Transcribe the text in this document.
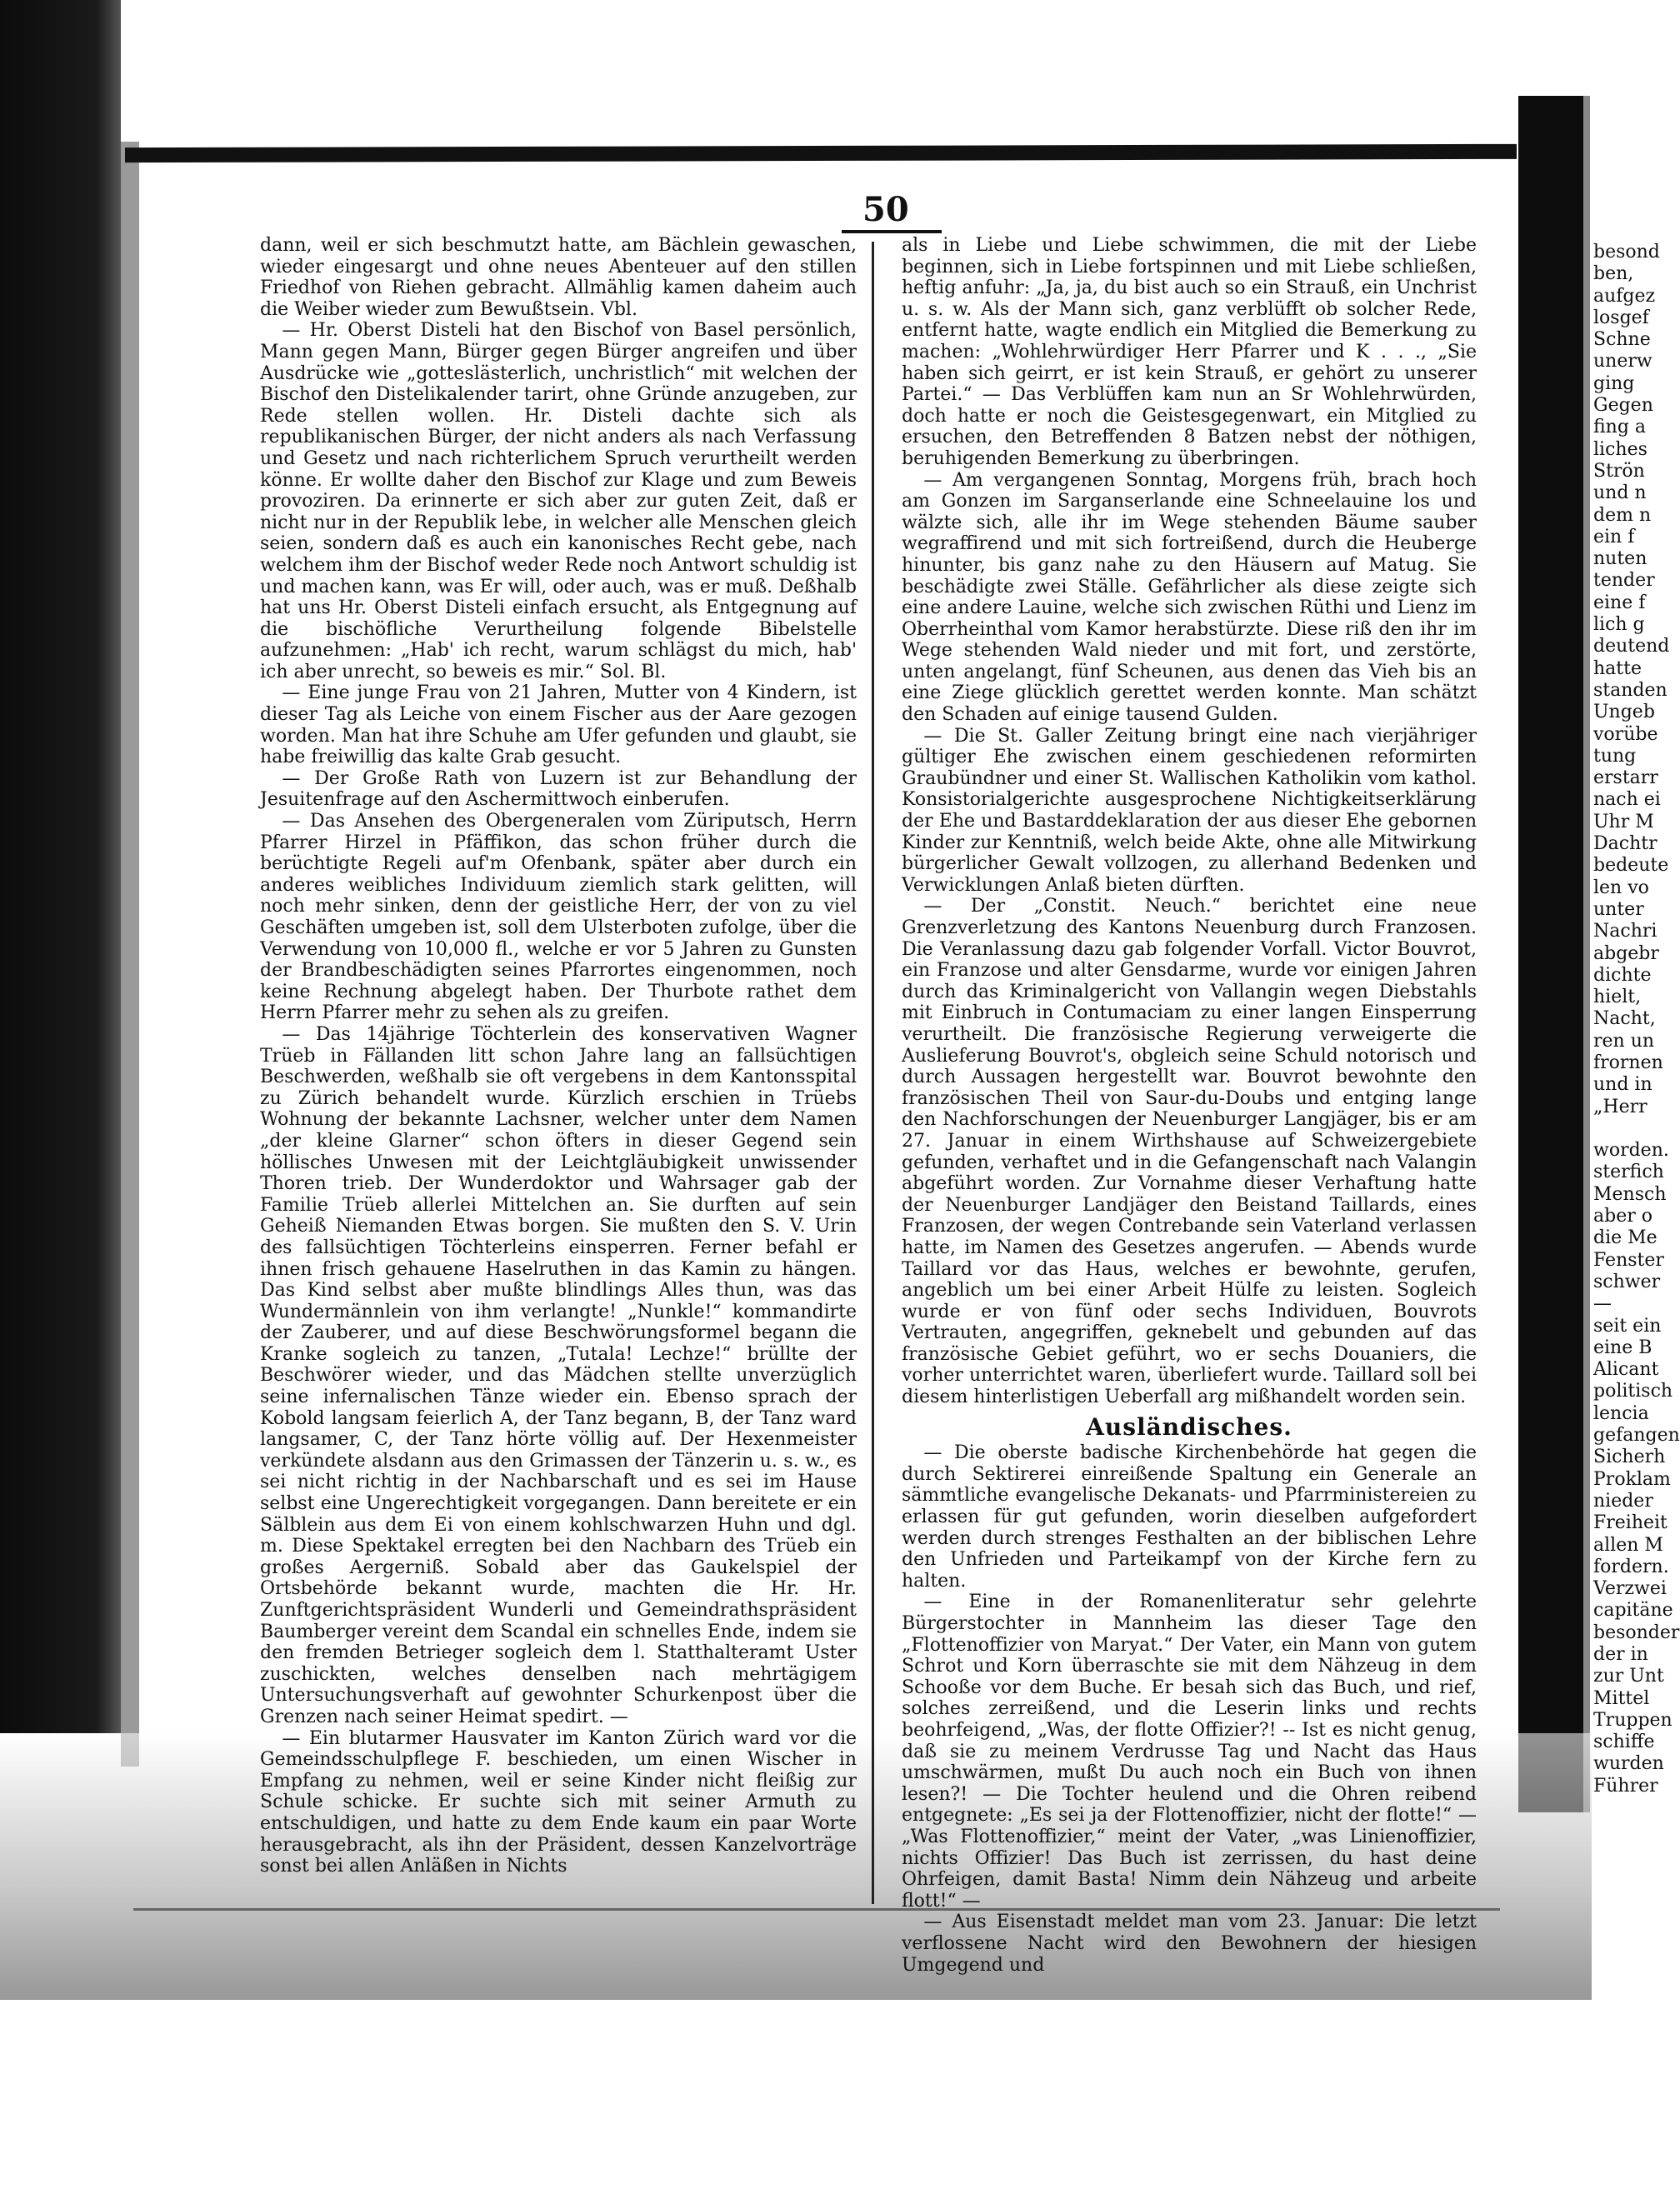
50

dann, weil er sich beschmutzt hatte, am Bächlein gewaschen, wieder eingesargt und ohne neues Abenteuer auf den stillen Friedhof von Riehen gebracht. Allmählig kamen daheim auch die Weiber wieder zum Bewußtsein. Vbl.

— Hr. Oberst Disteli hat den Bischof von Basel persönlich, Mann gegen Mann, Bürger gegen Bürger angreifen und über Ausdrücke wie „gotteslästerlich, unchristlich“ mit welchen der Bischof den Distelikalender tarirt, ohne Gründe anzugeben, zur Rede stellen wollen. Hr. Disteli dachte sich als republikanischen Bürger, der nicht anders als nach Verfassung und Gesetz und nach richterlichem Spruch verurtheilt werden könne. Er wollte daher den Bischof zur Klage und zum Beweis provoziren. Da erinnerte er sich aber zur guten Zeit, daß er nicht nur in der Republik lebe, in welcher alle Menschen gleich seien, sondern daß es auch ein kanonisches Recht gebe, nach welchem ihm der Bischof weder Rede noch Antwort schuldig ist und machen kann, was Er will, oder auch, was er muß. Deßhalb hat uns Hr. Oberst Disteli einfach ersucht, als Entgegnung auf die bischöfliche Verurtheilung folgende Bibelstelle aufzunehmen: „Hab' ich recht, warum schlägst du mich, hab' ich aber unrecht, so beweis es mir.“ Sol. Bl.

— Eine junge Frau von 21 Jahren, Mutter von 4 Kindern, ist dieser Tag als Leiche von einem Fischer aus der Aare gezogen worden. Man hat ihre Schuhe am Ufer gefunden und glaubt, sie habe freiwillig das kalte Grab gesucht.

— Der Große Rath von Luzern ist zur Behandlung der Jesuitenfrage auf den Aschermittwoch einberufen.

— Das Ansehen des Obergeneralen vom Züriputsch, Herrn Pfarrer Hirzel in Pfäffikon, das schon früher durch die berüchtigte Regeli auf'm Ofenbank, später aber durch ein anderes weibliches Individuum ziemlich stark gelitten, will noch mehr sinken, denn der geistliche Herr, der von zu viel Geschäften umgeben ist, soll dem Ulsterboten zufolge, über die Verwendung von 10,000 fl., welche er vor 5 Jahren zu Gunsten der Brandbeschädigten seines Pfarrortes eingenommen, noch keine Rechnung abgelegt haben. Der Thurbote rathet dem Herrn Pfarrer mehr zu sehen als zu greifen.

— Das 14jährige Töchterlein des konservativen Wagner Trüeb in Fällanden litt schon Jahre lang an fallsüchtigen Beschwerden, weßhalb sie oft vergebens in dem Kantonsspital zu Zürich behandelt wurde. Kürzlich erschien in Trüebs Wohnung der bekannte Lachsner, welcher unter dem Namen „der kleine Glarner“ schon öfters in dieser Gegend sein höllisches Unwesen mit der Leichtgläubigkeit unwissender Thoren trieb. Der Wunderdoktor und Wahrsager gab der Familie Trüeb allerlei Mittelchen an. Sie durften auf sein Geheiß Niemanden Etwas borgen. Sie mußten den S. V. Urin des fallsüchtigen Töchterleins einsperren. Ferner befahl er ihnen frisch gehauene Haselruthen in das Kamin zu hängen. Das Kind selbst aber mußte blindlings Alles thun, was das Wundermännlein von ihm verlangte! „Nunkle!“ kommandirte der Zauberer, und auf diese Beschwörungsformel begann die Kranke sogleich zu tanzen, „Tutala! Lechze!“ brüllte der Beschwörer wieder, und das Mädchen stellte unverzüglich seine infernalischen Tänze wieder ein. Ebenso sprach der Kobold langsam feierlich A, der Tanz begann, B, der Tanz ward langsamer, C, der Tanz hörte völlig auf. Der Hexenmeister verkündete alsdann aus den Grimassen der Tänzerin u. s. w., es sei nicht richtig in der Nachbarschaft und es sei im Hause selbst eine Ungerechtigkeit vorgegangen. Dann bereitete er ein Sälblein aus dem Ei von einem kohlschwarzen Huhn und dgl. m. Diese Spektakel erregten bei den Nachbarn des Trüeb ein großes Aergerniß. Sobald aber das Gaukelspiel der Ortsbehörde bekannt wurde, machten die Hr. Hr. Zunftgerichtspräsident Wunderli und Gemeindrathspräsident Baumberger vereint dem Scandal ein schnelles Ende, indem sie den fremden Betrieger sogleich dem l. Statthalteramt Uster zuschickten, welches denselben nach mehrtägigem Untersuchungsverhaft auf gewohnter Schurkenpost über die Grenzen nach seiner Heimat spedirt. —

— Ein blutarmer Hausvater im Kanton Zürich ward vor die Gemeindsschulpflege F. beschieden, um einen Wischer in Empfang zu nehmen, weil er seine Kinder nicht fleißig zur Schule schicke. Er suchte sich mit seiner Armuth zu entschuldigen, und hatte zu dem Ende kaum ein paar Worte herausgebracht, als ihn der Präsident, dessen Kanzelvorträge sonst bei allen Anläßen in Nichts

als in Liebe und Liebe schwimmen, die mit der Liebe beginnen, sich in Liebe fortspinnen und mit Liebe schließen, heftig anfuhr: „Ja, ja, du bist auch so ein Strauß, ein Unchrist u. s. w. Als der Mann sich, ganz verblüfft ob solcher Rede, entfernt hatte, wagte endlich ein Mitglied die Bemerkung zu machen: „Wohlehrwürdiger Herr Pfarrer und K . . ., „Sie haben sich geirrt, er ist kein Strauß, er gehört zu unserer Partei.“ — Das Verblüffen kam nun an Sr Wohlehrwürden, doch hatte er noch die Geistesgegenwart, ein Mitglied zu ersuchen, den Betreffenden 8 Batzen nebst der nöthigen, beruhigenden Bemerkung zu überbringen.

— Am vergangenen Sonntag, Morgens früh, brach hoch am Gonzen im Sarganserlande eine Schneelauine los und wälzte sich, alle ihr im Wege stehenden Bäume sauber wegraffirend und mit sich fortreißend, durch die Heuberge hinunter, bis ganz nahe zu den Häusern auf Matug. Sie beschädigte zwei Ställe. Gefährlicher als diese zeigte sich eine andere Lauine, welche sich zwischen Rüthi und Lienz im Oberrheinthal vom Kamor herabstürzte. Diese riß den ihr im Wege stehenden Wald nieder und mit fort, und zerstörte, unten angelangt, fünf Scheunen, aus denen das Vieh bis an eine Ziege glücklich gerettet werden konnte. Man schätzt den Schaden auf einige tausend Gulden.

— Die St. Galler Zeitung bringt eine nach vierjähriger gültiger Ehe zwischen einem geschiedenen reformirten Graubündner und einer St. Wallischen Katholikin vom kathol. Konsistorialgerichte ausgesprochene Nichtigkeitserklärung der Ehe und Bastarddeklaration der aus dieser Ehe gebornen Kinder zur Kenntniß, welch beide Akte, ohne alle Mitwirkung bürgerlicher Gewalt vollzogen, zu allerhand Bedenken und Verwicklungen Anlaß bieten dürften.

— Der „Constit. Neuch.“ berichtet eine neue Grenzverletzung des Kantons Neuenburg durch Franzosen. Die Veranlassung dazu gab folgender Vorfall. Victor Bouvrot, ein Franzose und alter Gensdarme, wurde vor einigen Jahren durch das Kriminalgericht von Vallangin wegen Diebstahls mit Einbruch in Contumaciam zu einer langen Einsperrung verurtheilt. Die französische Regierung verweigerte die Auslieferung Bouvrot's, obgleich seine Schuld notorisch und durch Aussagen hergestellt war. Bouvrot bewohnte den französischen Theil von Saur-du-Doubs und entging lange den Nachforschungen der Neuenburger Langjäger, bis er am 27. Januar in einem Wirthshause auf Schweizergebiete gefunden, verhaftet und in die Gefangenschaft nach Valangin abgeführt worden. Zur Vornahme dieser Verhaftung hatte der Neuenburger Landjäger den Beistand Taillards, eines Franzosen, der wegen Contrebande sein Vaterland verlassen hatte, im Namen des Gesetzes angerufen. — Abends wurde Taillard vor das Haus, welches er bewohnte, gerufen, angeblich um bei einer Arbeit Hülfe zu leisten. Sogleich wurde er von fünf oder sechs Individuen, Bouvrots Vertrauten, angegriffen, geknebelt und gebunden auf das französische Gebiet geführt, wo er sechs Douaniers, die vorher unterrichtet waren, überliefert wurde. Taillard soll bei diesem hinterlistigen Ueberfall arg mißhandelt worden sein.

Ausländisches.

— Die oberste badische Kirchenbehörde hat gegen die durch Sektirerei einreißende Spaltung ein Generale an sämmtliche evangelische Dekanats- und Pfarrministereien zu erlassen für gut gefunden, worin dieselben aufgefordert werden durch strenges Festhalten an der biblischen Lehre den Unfrieden und Parteikampf von der Kirche fern zu halten.

— Eine in der Romanenliteratur sehr gelehrte Bürgerstochter in Mannheim las dieser Tage den „Flottenoffizier von Maryat.“ Der Vater, ein Mann von gutem Schrot und Korn überraschte sie mit dem Nähzeug in dem Schooße vor dem Buche. Er besah sich das Buch, und rief, solches zerreißend, und die Leserin links und rechts beohrfeigend, „Was, der flotte Offizier?! -- Ist es nicht genug, daß sie zu meinem Verdrusse Tag und Nacht das Haus umschwärmen, mußt Du auch noch ein Buch von ihnen lesen?! — Die Tochter heulend und die Ohren reibend entgegnete: „Es sei ja der Flottenoffizier, nicht der flotte!“ — „Was Flottenoffizier,“ meint der Vater, „was Linienoffizier, nichts Offizier! Das Buch ist zerrissen, du hast deine Ohrfeigen, damit Basta! Nimm dein Nähzeug und arbeite flott!“ —

— Aus Eisenstadt meldet man vom 23. Januar: Die letzt verflossene Nacht wird den Bewohnern der hiesigen Umgegend und

besond
ben,
aufgez
losgef
Schne
unerw
ging
Gegen
fing a
liches
Strön
und n
dem n
ein f
nuten
tender
eine f
lich g
deutend
hatte
standen
Ungeb
vorübe
tung
erstarr
nach ei
Uhr M
Dachtr
bedeute
len vo
unter
Nachri
abgebr
dichte
hielt,
Nacht,
ren un
frornen
und in
„Herr
worden.
sterfich
Mensch
aber o
die Me
Fenster
schwer
—
seit ein
eine B
Alicant
politisch
lencia
gefangen
Sicherh
Proklam
nieder
Freiheit
allen M
fordern.
Verzwei
capitäne
besonder
der in
zur Unt
Mittel
Truppen
schiffe
wurden
Führer
